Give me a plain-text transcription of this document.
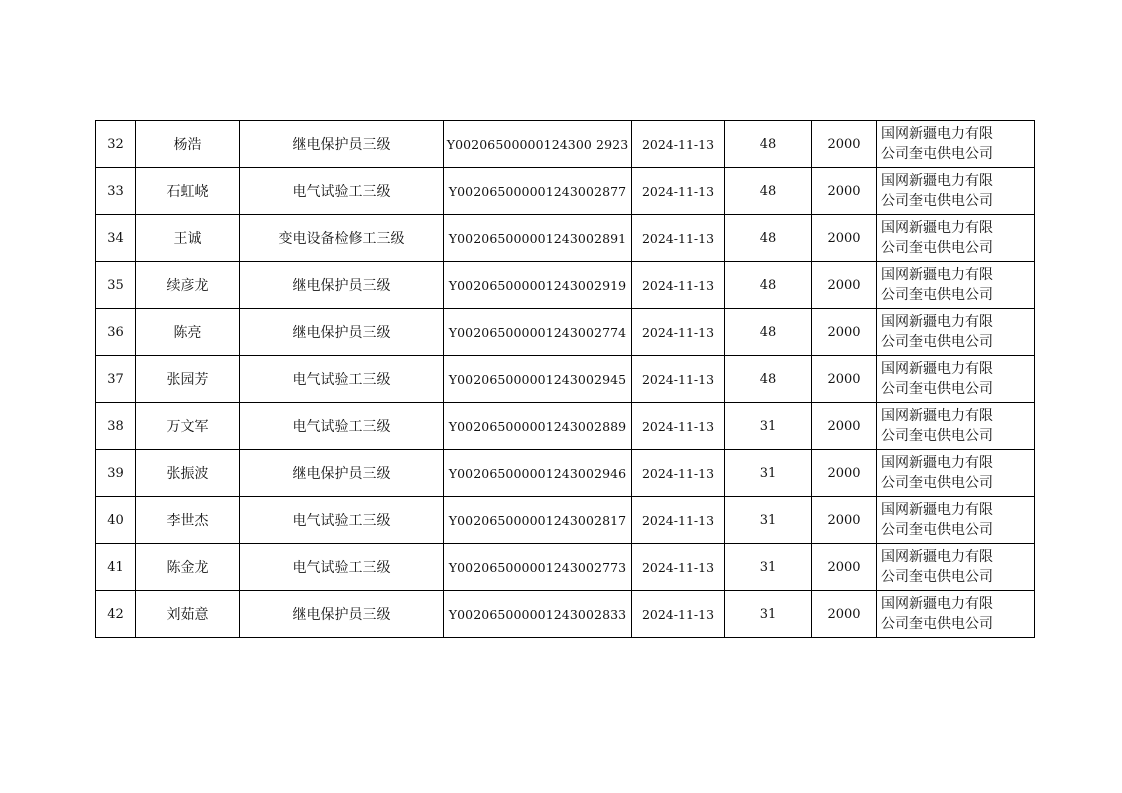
32	杨浩	继电保护员三级	Y00206500000124300 2923	2024-11-13	48	2000	国网新疆电力有限
公司奎屯供电公司

33	石虹峣	电气试验工三级	Y002065000001243002877	2024-11-13	48	2000	国网新疆电力有限
公司奎屯供电公司

34	王诚	变电设备检修工三级	Y002065000001243002891	2024-11-13	48	2000	国网新疆电力有限
公司奎屯供电公司

35	续彦龙	继电保护员三级	Y002065000001243002919	2024-11-13	48	2000	国网新疆电力有限
公司奎屯供电公司

36	陈亮	继电保护员三级	Y002065000001243002774	2024-11-13	48	2000	国网新疆电力有限
公司奎屯供电公司

37	张园芳	电气试验工三级	Y002065000001243002945	2024-11-13	48	2000	国网新疆电力有限
公司奎屯供电公司

38	万文军	电气试验工三级	Y002065000001243002889	2024-11-13	31	2000	国网新疆电力有限
公司奎屯供电公司

39	张振波	继电保护员三级	Y002065000001243002946	2024-11-13	31	2000	国网新疆电力有限
公司奎屯供电公司

40	李世杰	电气试验工三级	Y002065000001243002817	2024-11-13	31	2000	国网新疆电力有限
公司奎屯供电公司

41	陈金龙	电气试验工三级	Y002065000001243002773	2024-11-13	31	2000	国网新疆电力有限
公司奎屯供电公司

42	刘茹意	继电保护员三级	Y002065000001243002833	2024-11-13	31	2000	国网新疆电力有限
公司奎屯供电公司
